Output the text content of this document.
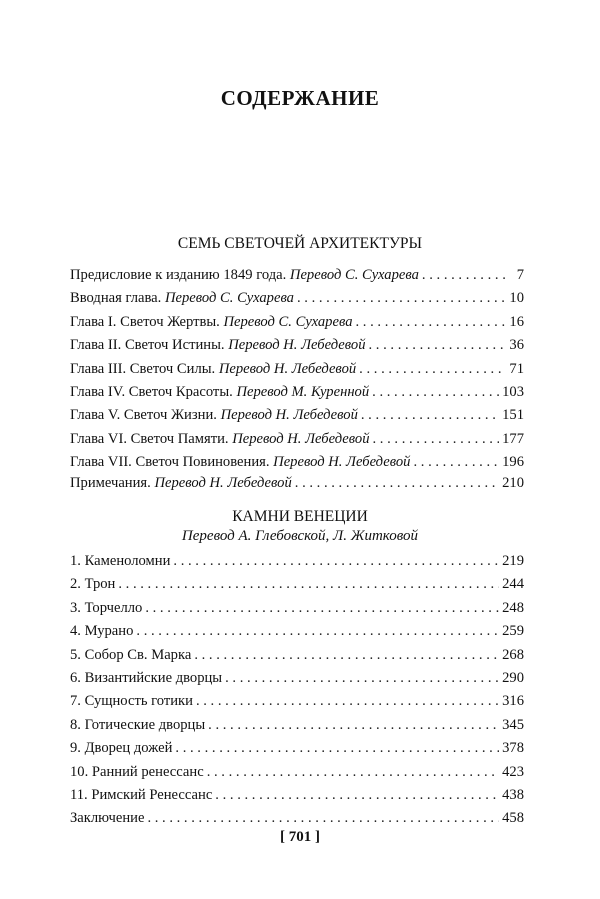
СОДЕРЖАНИЕ
СЕМЬ СВЕТОЧЕЙ АРХИТЕКТУРЫ
Предисловие к изданию 1849 года. Перевод С. Сухарева . . .	7
Вводная глава. Перевод С. Сухарева . . .	10
Глава I. Светоч Жертвы. Перевод С. Сухарева . . .	16
Глава II. Светоч Истины. Перевод Н. Лебедевой . . .	36
Глава III. Светоч Силы. Перевод Н. Лебедевой . . .	71
Глава IV. Светоч Красоты. Перевод М. Куренной . . .	103
Глава V. Светоч Жизни. Перевод Н. Лебедевой . . .	151
Глава VI. Светоч Памяти. Перевод Н. Лебедевой . . .	177
Глава VII. Светоч Повиновения. Перевод Н. Лебедевой . . .	196
Примечания. Перевод Н. Лебедевой . . .	210
КАМНИ ВЕНЕЦИИ
Перевод А. Глебовской, Л. Житковой
1. Каменоломни . . .	219
2. Трон . . .	244
3. Торчелло . . .	248
4. Мурано . . .	259
5. Собор Св. Марка . . .	268
6. Византийские дворцы . . .	290
7. Сущность готики . . .	316
8. Готические дворцы . . .	345
9. Дворец дожей . . .	378
10. Ранний ренессанс . . .	423
11. Римский Ренессанс . . .	438
Заключение . . .	458
[ 701 ]
